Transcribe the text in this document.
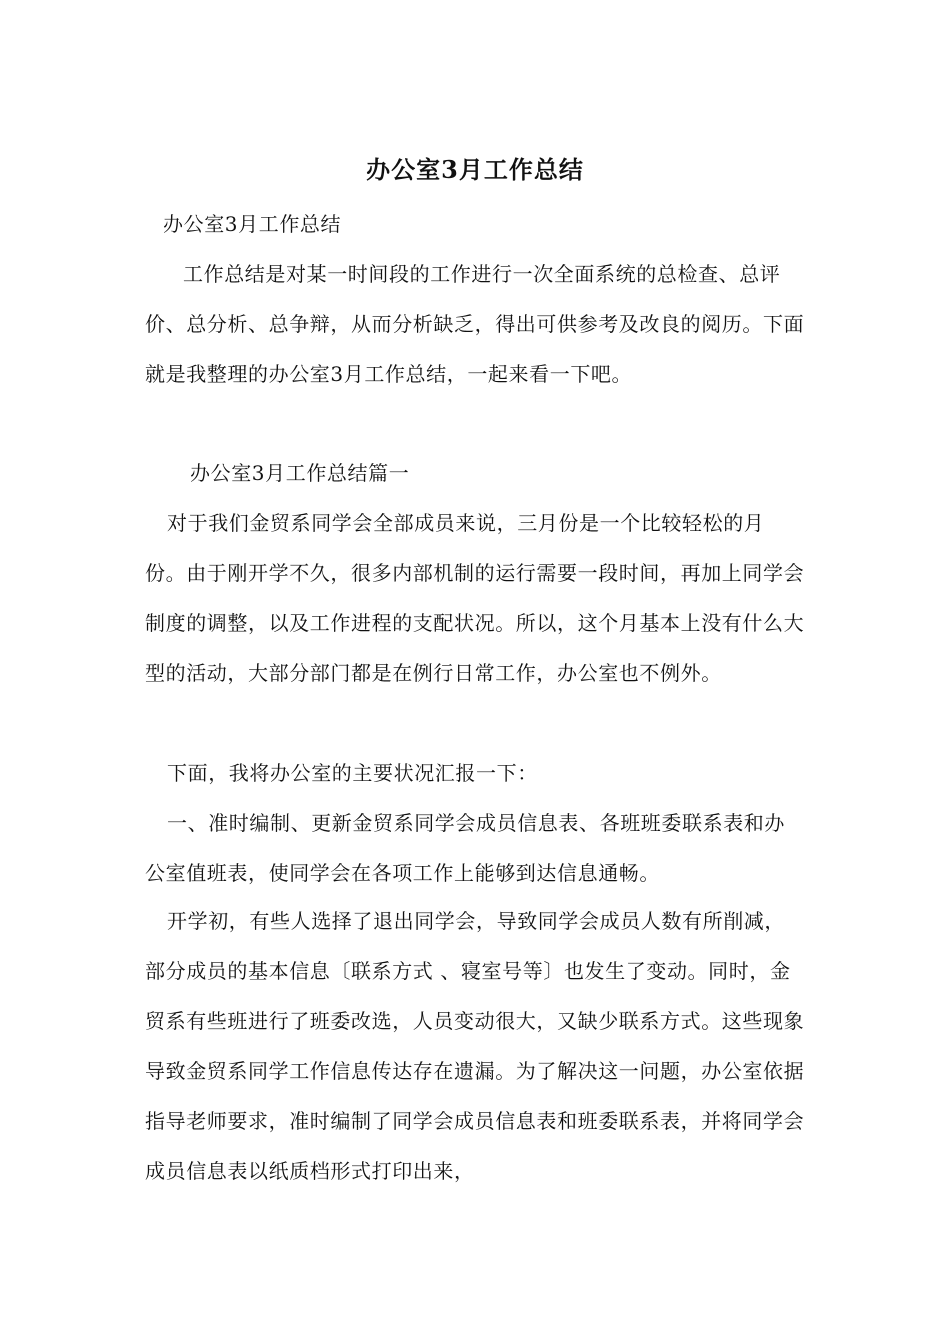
办公室3月工作总结
办公室3月工作总结
工作总结是对某一时间段的工作进行一次全面系统的总检查、总评价、总分析、总争辩，从而分析缺乏，得出可供参考及改良的阅历。下面就是我整理的办公室3月工作总结，一起来看一下吧。
办公室3月工作总结篇一
对于我们金贸系同学会全部成员来说，三月份是一个比较轻松的月份。由于刚开学不久，很多内部机制的运行需要一段时间，再加上同学会制度的调整，以及工作进程的支配状况。所以，这个月基本上没有什么大型的活动，大部分部门都是在例行日常工作，办公室也不例外。
下面，我将办公室的主要状况汇报一下：
一、准时编制、更新金贸系同学会成员信息表、各班班委联系表和办公室值班表，使同学会在各项工作上能够到达信息通畅。
开学初，有些人选择了退出同学会，导致同学会成员人数有所削减，部分成员的基本信息〔联系方式 、寝室号等〕也发生了变动。同时，金贸系有些班进行了班委改选，人员变动很大，又缺少联系方式。这些现象导致金贸系同学工作信息传达存在遗漏。为了解决这一问题，办公室依据指导老师要求，准时编制了同学会成员信息表和班委联系表，并将同学会成员信息表以纸质档形式打印出来，
